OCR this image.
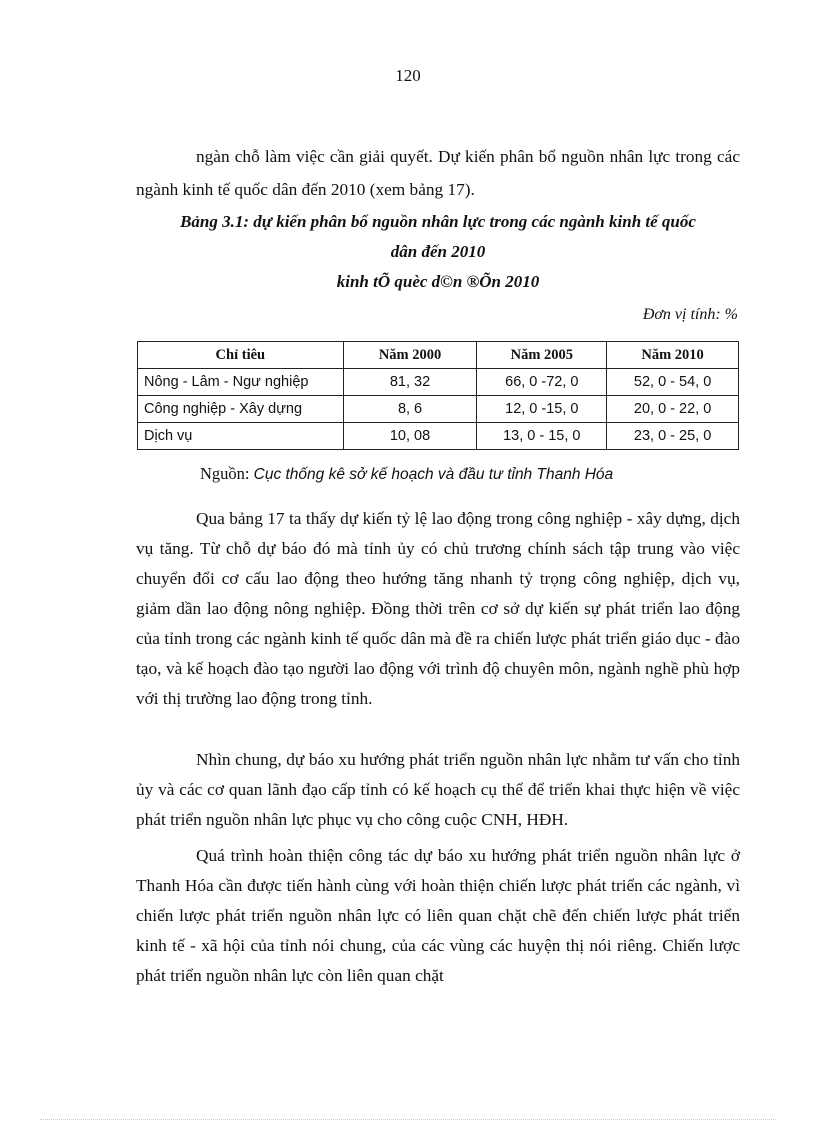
120

ngàn chỗ làm việc cần giải quyết. Dự kiến phân bổ nguồn nhân lực trong các ngành kinh tế quốc dân đến 2010 (xem bảng 17).

Bảng 3.1: dự kiến phân bổ nguồn nhân lực trong các ngành kinh tế quốc
dân đến 2010
kinh tÕ quèc d©n ®Õn 2010
Đơn vị tính: %
Chỉ tiêu	Năm 2000	Năm 2005	Năm 2010
Nông - Lâm - Ngư nghiệp	81, 32	66, 0 -72, 0	52, 0 - 54, 0
Công nghiệp - Xây dựng	8, 6	12, 0 -15, 0	20, 0 - 22, 0
Dịch vụ	10, 08	13, 0 - 15, 0	23, 0 - 25, 0
Nguồn: Cục thống kê sở kế hoạch và đầu tư tỉnh Thanh Hóa

Qua bảng 17 ta thấy dự kiến tỷ lệ lao động trong công nghiệp - xây dựng, dịch vụ tăng. Từ chỗ dự báo đó mà tỉnh ủy có chủ trương chính sách tập trung vào việc chuyển đổi cơ cấu lao động theo hướng tăng nhanh tỷ trọng công nghiệp, dịch vụ, giảm dần lao động nông nghiệp. Đồng thời trên cơ sở dự kiến sự phát triển lao động của tỉnh trong các ngành kinh tế quốc dân mà đề ra chiến lược phát triển giáo dục - đào tạo, và kế hoạch đào tạo người lao động với trình độ chuyên môn, ngành nghề phù hợp với thị trường lao động trong tỉnh.

Nhìn chung, dự báo xu hướng phát triển nguồn nhân lực nhằm tư vấn cho tỉnh ủy và các cơ quan lãnh đạo cấp tỉnh có kế hoạch cụ thể để triển khai thực hiện về việc phát triển nguồn nhân lực phục vụ cho công cuộc CNH, HĐH.

Quá trình hoàn thiện công tác dự báo xu hướng phát triển nguồn nhân lực ở Thanh Hóa cần được tiến hành cùng với hoàn thiện chiến lược phát triển các ngành, vì chiến lược phát triển nguồn nhân lực có liên quan chặt chẽ đến chiến lược phát triển kinh tế - xã hội của tỉnh nói chung, của các vùng các huyện thị nói riêng. Chiến lược phát triển nguồn nhân lực còn liên quan chặt
